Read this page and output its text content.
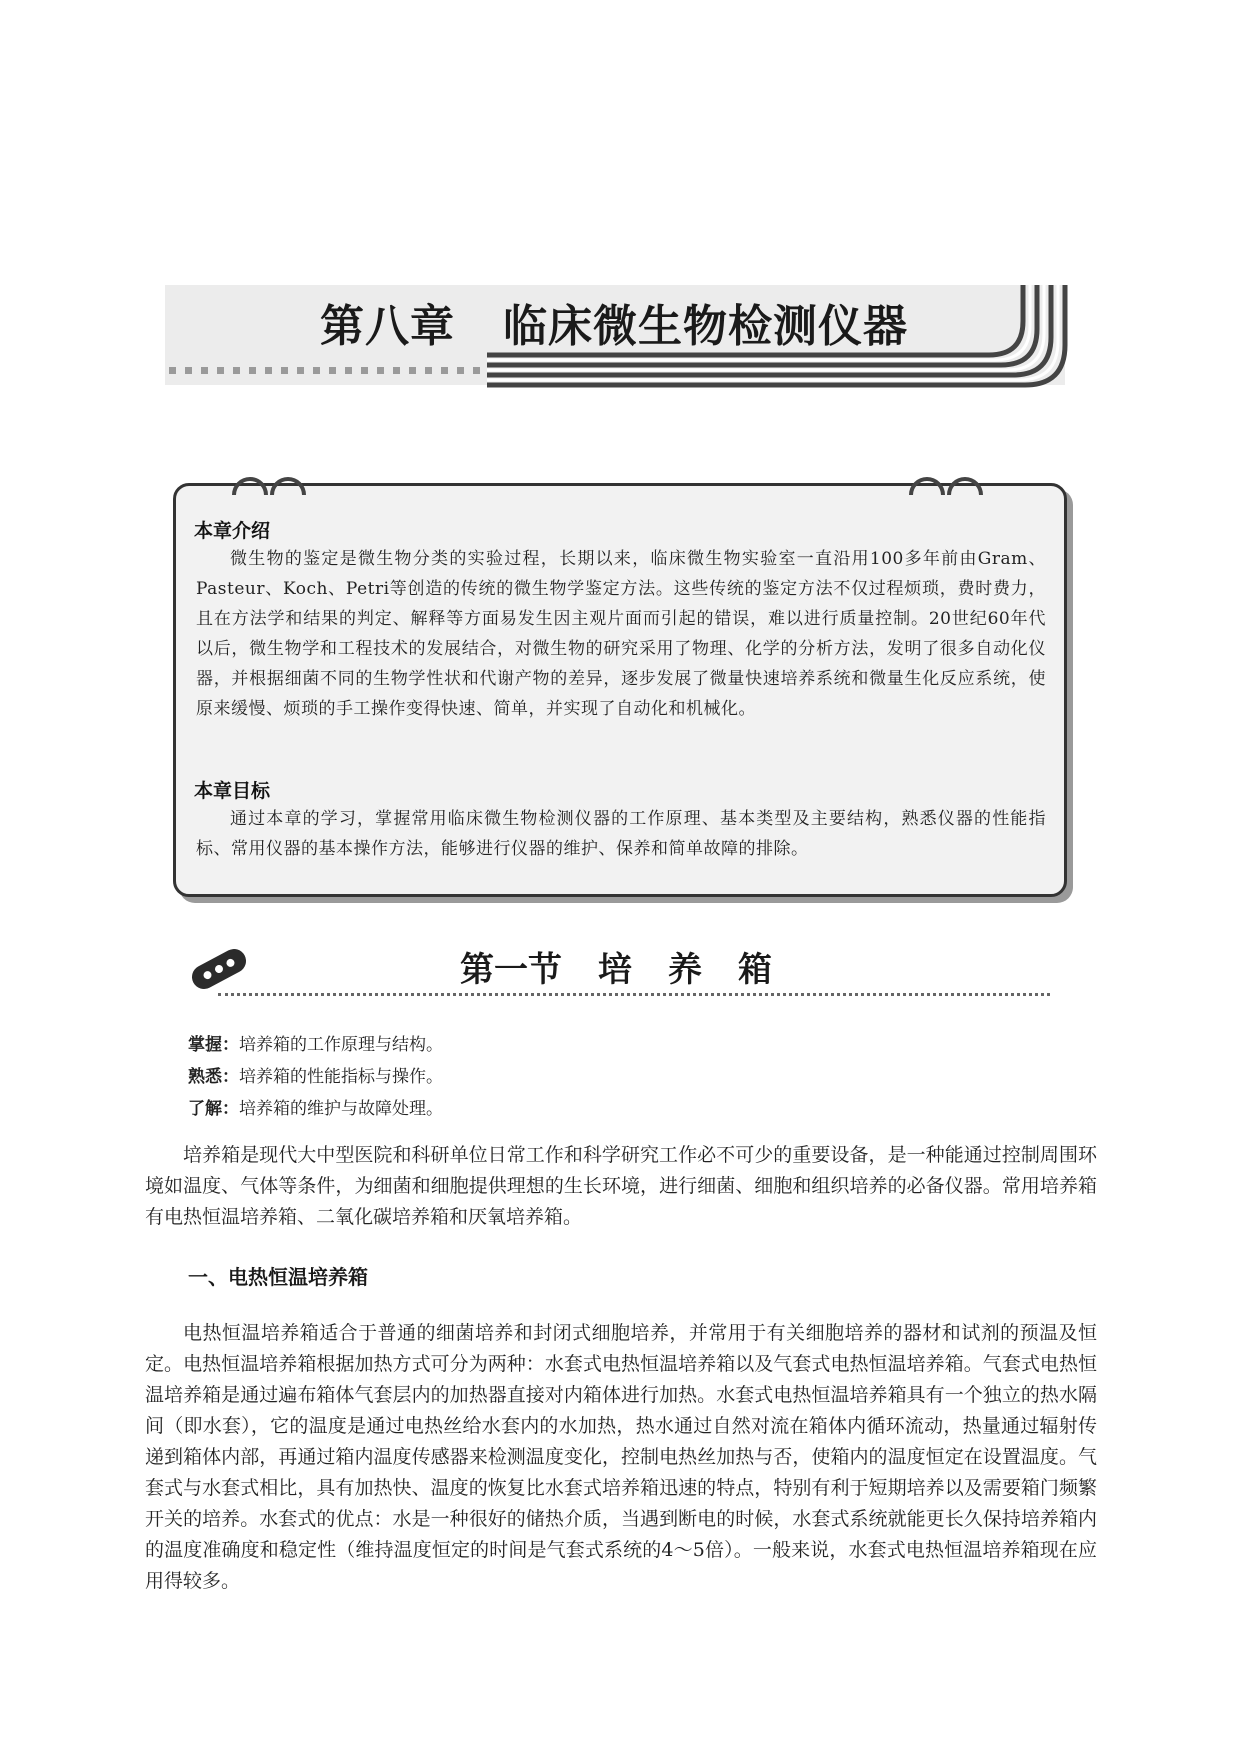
第八章 临床微生物检测仪器
本章介绍
微生物的鉴定是微生物分类的实验过程，长期以来，临床微生物实验室一直沿用100多年前由Gram、Pasteur、Koch、Petri等创造的传统的微生物学鉴定方法。这些传统的鉴定方法不仅过程烦琐，费时费力，且在方法学和结果的判定、解释等方面易发生因主观片面而引起的错误，难以进行质量控制。20世纪60年代以后，微生物学和工程技术的发展结合，对微生物的研究采用了物理、化学的分析方法，发明了很多自动化仪器，并根据细菌不同的生物学性状和代谢产物的差异，逐步发展了微量快速培养系统和微量生化反应系统，使原来缓慢、烦琐的手工操作变得快速、简单，并实现了自动化和机械化。
本章目标
通过本章的学习，掌握常用临床微生物检测仪器的工作原理、基本类型及主要结构，熟悉仪器的性能指标、常用仪器的基本操作方法，能够进行仪器的维护、保养和简单故障的排除。
第一节 培 养 箱
掌握：培养箱的工作原理与结构。
熟悉：培养箱的性能指标与操作。
了解：培养箱的维护与故障处理。
培养箱是现代大中型医院和科研单位日常工作和科学研究工作必不可少的重要设备，是一种能通过控制周围环境如温度、气体等条件，为细菌和细胞提供理想的生长环境，进行细菌、细胞和组织培养的必备仪器。常用培养箱有电热恒温培养箱、二氧化碳培养箱和厌氧培养箱。
一、电热恒温培养箱
电热恒温培养箱适合于普通的细菌培养和封闭式细胞培养，并常用于有关细胞培养的器材和试剂的预温及恒定。电热恒温培养箱根据加热方式可分为两种：水套式电热恒温培养箱以及气套式电热恒温培养箱。气套式电热恒温培养箱是通过遍布箱体气套层内的加热器直接对内箱体进行加热。水套式电热恒温培养箱具有一个独立的热水隔间（即水套），它的温度是通过电热丝给水套内的水加热，热水通过自然对流在箱体内循环流动，热量通过辐射传递到箱体内部，再通过箱内温度传感器来检测温度变化，控制电热丝加热与否，使箱内的温度恒定在设置温度。气套式与水套式相比，具有加热快、温度的恢复比水套式培养箱迅速的特点，特别有利于短期培养以及需要箱门频繁开关的培养。水套式的优点：水是一种很好的储热介质，当遇到断电的时候，水套式系统就能更长久保持培养箱内的温度准确度和稳定性（维持温度恒定的时间是气套式系统的4～5倍）。一般来说，水套式电热恒温培养箱现在应用得较多。
